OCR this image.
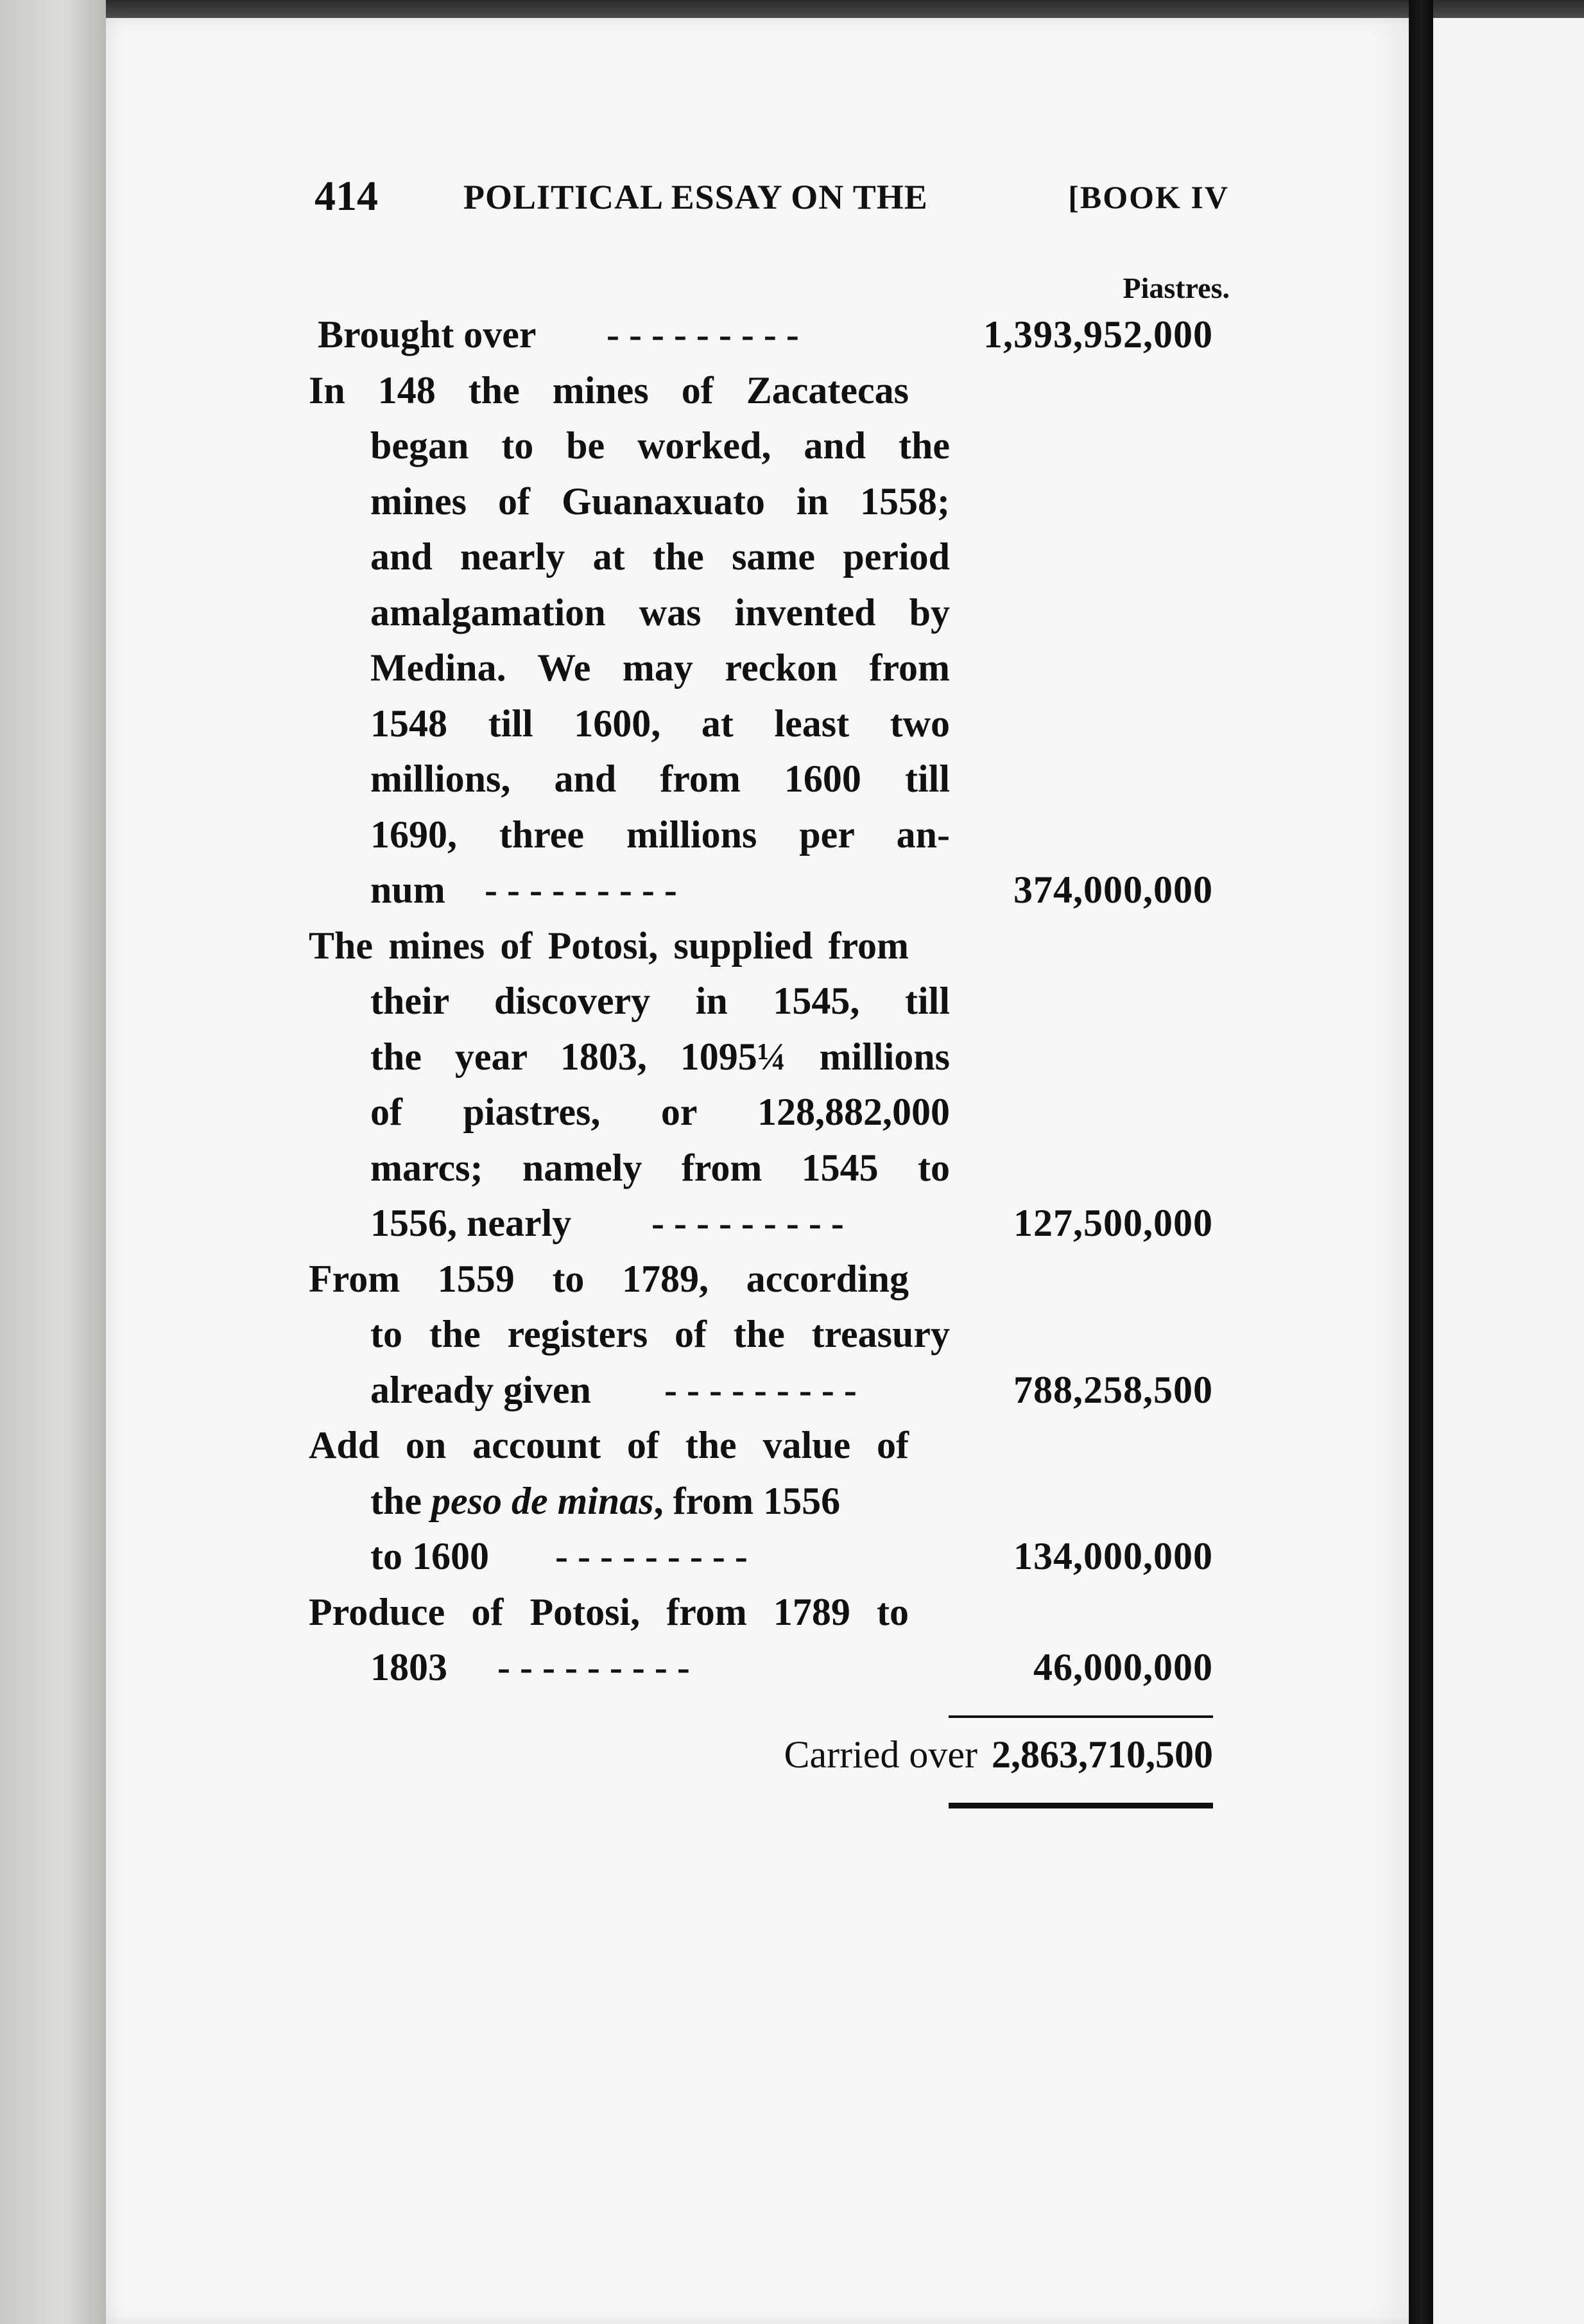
414 POLITICAL ESSAY ON THE	[BOOK IV
Piastres.
Brought over - - - - - - - - -	1,393,952,000
In 148 the mines of Zacatecas
began to be worked, and the
mines of Guanaxuato in 1558;
and nearly at the same period
amalgamation was invented by
Medina. We may reckon from
1548 till 1600, at least two
millions, and from 1600 till
1690, three millions per an-
num - - - - - - - - -	374,000,000
The mines of Potosi, supplied from
their discovery in 1545, till
the year 1803, 1095¼ millions
of piastres, or 128,882,000
marcs; namely from 1545 to
1556, nearly - - - - - - - - -	127,500,000
From 1559 to 1789, according
to the registers of the treasury
already given - - - - - - - - -	788,258,500
Add on account of the value of
the peso de minas, from 1556
to 1600 - - - - - - - - -	134,000,000
Produce of Potosi, from 1789 to
1803 - - - - - - - - -	46,000,000
Carried over 2,863,710,500
